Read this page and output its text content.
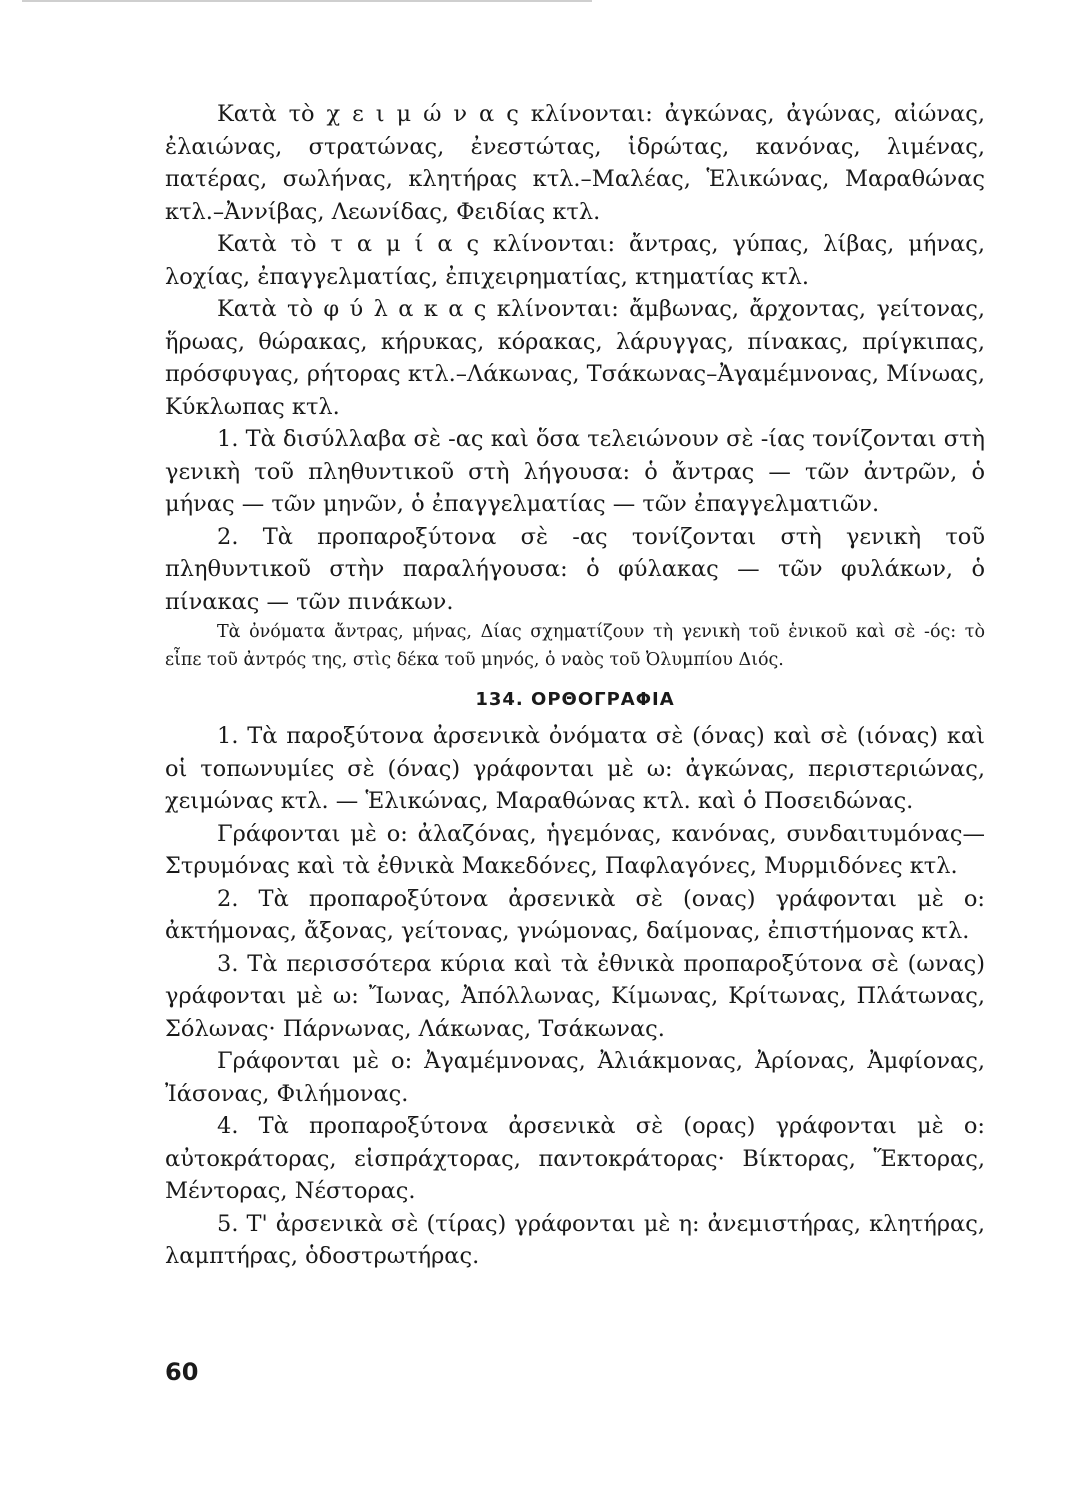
Κατὰ τὸ χ ε ι μ ώ ν α ς κλίνονται: ἀγκώνας, ἀγώνας, αἰώνας, ἐλαιώνας, στρατώνας, ἐνεστώτας, ἱδρώτας, κανόνας, λιμένας, πατέρας, σωλήνας, κλητήρας κτλ.–Μαλέας, Ἑλικώνας, Μαραθώνας κτλ.–Ἀννίβας, Λεωνίδας, Φειδίας κτλ.

Κατὰ τὸ τ α μ ί α ς κλίνονται: ἄντρας, γύπας, λίβας, μήνας, λοχίας, ἐπαγγελματίας, ἐπιχειρηματίας, κτηματίας κτλ.

Κατὰ τὸ φ ύ λ α κ α ς κλίνονται: ἄμβωνας, ἄρχοντας, γείτονας, ἥρωας, θώρακας, κήρυκας, κόρακας, λάρυγγας, πίνακας, πρίγκιπας, πρόσφυγας, ρήτορας κτλ.–Λάκωνας, Τσάκωνας–Ἀγαμέμνονας, Μίνωας, Κύκλωπας κτλ.

1. Τὰ δισύλλαβα σὲ -ας καὶ ὅσα τελειώνουν σὲ -ίας τονίζονται στὴ γενικὴ τοῦ πληθυντικοῦ στὴ λήγουσα: ὁ ἄντρας — τῶν ἀντρῶν, ὁ μήνας — τῶν μηνῶν, ὁ ἐπαγγελματίας — τῶν ἐπαγγελματιῶν.

2. Τὰ προπαροξύτονα σὲ -ας τονίζονται στὴ γενικὴ τοῦ πληθυντικοῦ στὴν παραλήγουσα: ὁ φύλακας — τῶν φυλάκων, ὁ πίνακας — τῶν πινάκων.

Τὰ ὀνόματα ἄντρας, μήνας, Δίας σχηματίζουν τὴ γενικὴ τοῦ ἑνικοῦ καὶ σὲ -ός: τὸ εἶπε τοῦ ἀντρός της, στὶς δέκα τοῦ μηνός, ὁ ναὸς τοῦ Ὀλυμπίου Διός.

134. ΟΡΘΟΓΡΑΦΙΑ

1. Τὰ παροξύτονα ἀρσενικὰ ὀνόματα σὲ (όνας) καὶ σὲ (ιόνας) καὶ οἱ τοπωνυμίες σὲ (όνας) γράφονται μὲ ω: ἀγκώνας, περιστεριώνας, χειμώνας κτλ. — Ἑλικώνας, Μαραθώνας κτλ. καὶ ὁ Ποσειδώνας.

Γράφονται μὲ ο: ἀλαζόνας, ἡγεμόνας, κανόνας, συνδαιτυμόνας— Στρυμόνας καὶ τὰ ἐθνικὰ Μακεδόνες, Παφλαγόνες, Μυρμιδόνες κτλ.

2. Τὰ προπαροξύτονα ἀρσενικὰ σὲ (ονας) γράφονται μὲ ο: ἀκτήμονας, ἄξονας, γείτονας, γνώμονας, δαίμονας, ἐπιστήμονας κτλ.

3. Τὰ περισσότερα κύρια καὶ τὰ ἐθνικὰ προπαροξύτονα σὲ (ωνας) γράφονται μὲ ω: Ἴωνας, Ἀπόλλωνας, Κίμωνας, Κρίτωνας, Πλάτωνας, Σόλωνας· Πάρνωνας, Λάκωνας, Τσάκωνας.

Γράφονται μὲ ο: Ἀγαμέμνονας, Ἀλιάκμονας, Ἀρίονας, Ἀμφίονας, Ἰάσονας, Φιλήμονας.

4. Τὰ προπαροξύτονα ἀρσενικὰ σὲ (ορας) γράφονται μὲ ο: αὐτοκράτορας, εἰσπράχτορας, παντοκράτορας· Βίκτορας, Ἕκτορας, Μέντορας, Νέστορας.

5. Τ' ἀρσενικὰ σὲ (τίρας) γράφονται μὲ η: ἀνεμιστήρας, κλητήρας, λαμπτήρας, ὁδοστρωτήρας.

60
